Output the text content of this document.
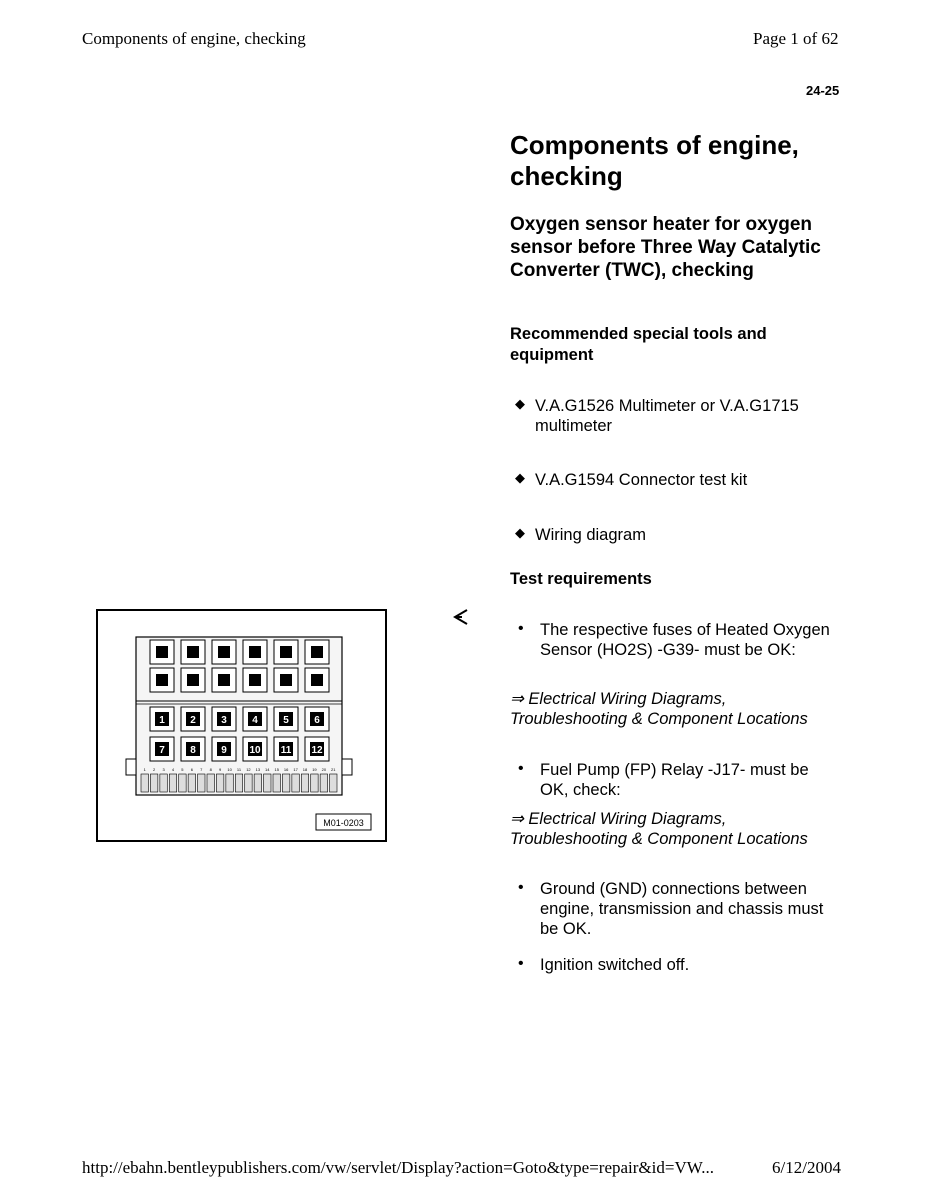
Components of engine, checking	Page 1 of 62
24-25
Components of engine, checking
Oxygen sensor heater for oxygen sensor before Three Way Catalytic Converter (TWC), checking
Recommended special tools and equipment
◆ V.A.G1526 Multimeter or V.A.G1715 multimeter
◆ V.A.G1594 Connector test kit
◆ Wiring diagram
Test requirements
• The respective fuses of Heated Oxygen Sensor (HO2S) -G39- must be OK:
⇒ Electrical Wiring Diagrams, Troubleshooting & Component Locations
• Fuel Pump (FP) Relay -J17- must be OK, check:
⇒ Electrical Wiring Diagrams, Troubleshooting & Component Locations
• Ground (GND) connections between engine, transmission and chassis must be OK.
• Ignition switched off.
1	2	3	4	5	6
7	8	9 10 11 12
1 2 3 4 5 6 7 8 9 10 11 12 13 14 15 16 17 18 19 20 21
M01-0203
http://ebahn.bentleypublishers.com/vw/servlet/Display?action=Goto&type=repair&id=VW...	6/12/2004
